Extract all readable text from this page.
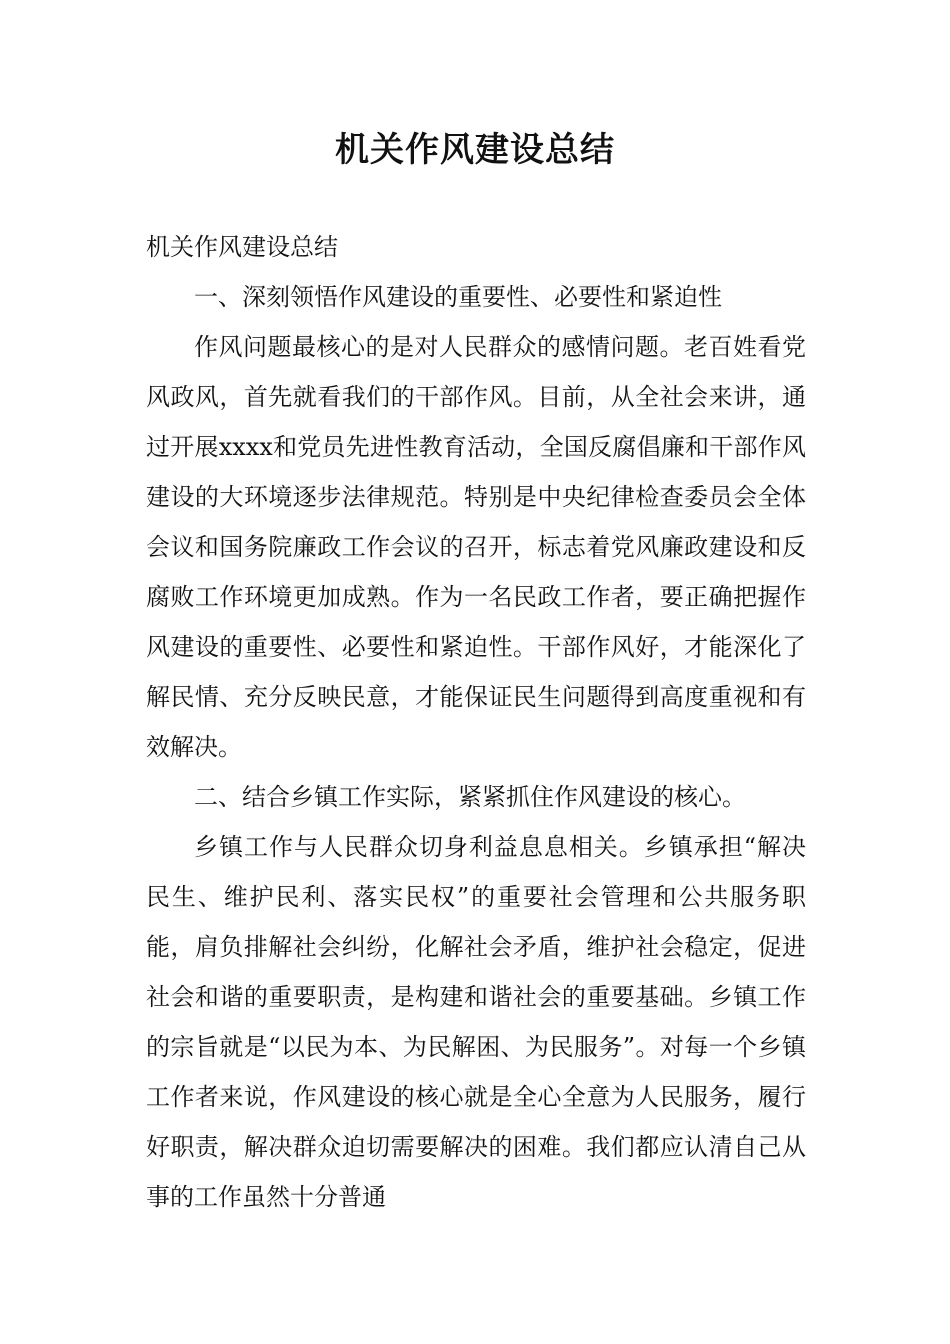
机关作风建设总结

机关作风建设总结

一、深刻领悟作风建设的重要性、必要性和紧迫性

作风问题最核心的是对人民群众的感情问题。老百姓看党风政风，首先就看我们的干部作风。目前，从全社会来讲，通过开展xxxx和党员先进性教育活动，全国反腐倡廉和干部作风建设的大环境逐步法律规范。特别是中央纪律检查委员会全体会议和国务院廉政工作会议的召开，标志着党风廉政建设和反腐败工作环境更加成熟。作为一名民政工作者，要正确把握作风建设的重要性、必要性和紧迫性。干部作风好，才能深化了解民情、充分反映民意，才能保证民生问题得到高度重视和有效解决。

二、结合乡镇工作实际，紧紧抓住作风建设的核心。

乡镇工作与人民群众切身利益息息相关。乡镇承担“解决民生、维护民利、落实民权”的重要社会管理和公共服务职能，肩负排解社会纠纷，化解社会矛盾，维护社会稳定，促进社会和谐的重要职责，是构建和谐社会的重要基础。乡镇工作的宗旨就是“以民为本、为民解困、为民服务”。对每一个乡镇工作者来说，作风建设的核心就是全心全意为人民服务，履行好职责，解决群众迫切需要解决的困难。我们都应认清自己从事的工作虽然十分普通
